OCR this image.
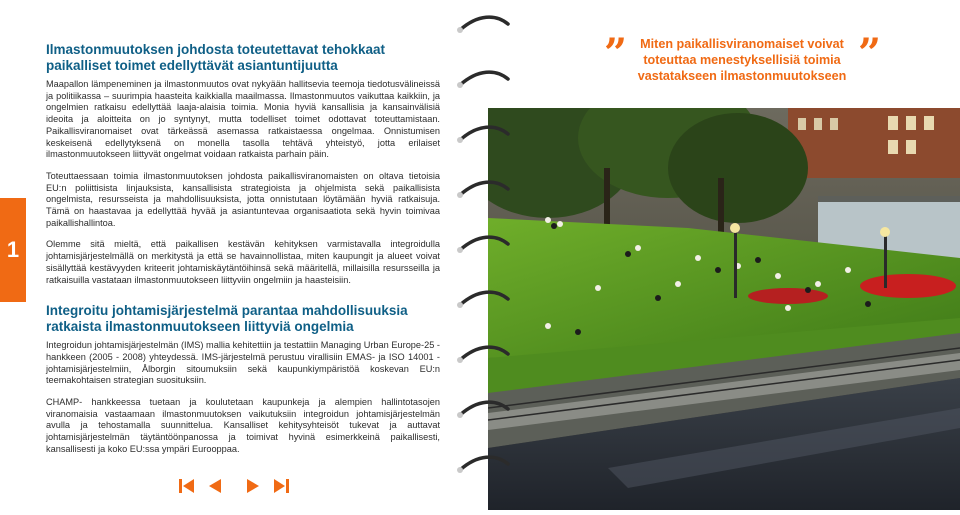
1
Ilmastonmuutoksen johdosta toteutettavat tehokkaat paikalliset toimet edellyttävät asiantuntijuutta

Maapallon lämpeneminen ja ilmastonmuutos ovat nykyään hallitsevia teemoja tiedotusvälineissä ja politiikassa – suurimpia haasteita kaikkialla maailmassa. Ilmastonmuutos vaikuttaa kaikkiin, ja ongelmien ratkaisu edellyttää laaja-alaisia toimia. Monia hyviä kansallisia ja kansainvälisiä ideoita ja aloitteita on jo syntynyt, mutta todelliset toimet odottavat toteuttamistaan. Paikallisviranomaiset ovat tärkeässä asemassa ratkaistaessa ongelmaa. Onnistumisen keskeisenä edellytyksenä on monella tasolla tehtävä yhteistyö, jotta erilaiset ilmastonmuutokseen liittyvät ongelmat voidaan ratkaista parhain päin.

Toteuttaessaan toimia ilmastonmuutoksen johdosta paikallisviranomaisten on oltava tietoisia EU:n poliittisista linjauksista, kansallisista strategioista ja ohjelmista sekä paikallisista ongelmista, resursseista ja mahdollisuuksista, jotta onnistutaan löytämään hyviä ratkaisuja. Tämä on haastavaa ja edellyttää hyvää ja asiantuntevaa organisaatiota sekä hyvin toimivaa paikallishallintoa.

Olemme sitä mieltä, että paikallisen kestävän kehityksen varmistavalla integroidulla johtamisjärjestelmällä on merkitystä ja että se havainnollistaa, miten kaupungit ja alueet voivat sisällyttää kestävyyden kriteerit johtamiskäytäntöihinsä sekä määritellä, millaisilla resursseilla ja ratkaisuilla vastataan ilmastonmuutokseen liittyviin ongelmiin ja haasteisiin.

Integroitu johtamisjärjestelmä parantaa mahdollisuuksia ratkaista ilmastonmuutokseen liittyviä ongelmia

Integroidun johtamisjärjestelmän (IMS) mallia kehitettiin ja testattiin Managing Urban Europe-25 -hankkeen (2005 - 2008) yhteydessä. IMS-järjestelmä perustuu virallisiin EMAS- ja ISO 14001 -johtamisjärjestelmiin, Ålborgin sitoumuksiin sekä kaupunkiympäristöä koskevan EU:n teemakohtaisen strategian suosituksiin.

CHAMP- hankkeessa tuetaan ja koulutetaan kaupunkeja ja alempien hallintotasojen viranomaisia vastaamaan ilmastonmuutoksen vaikutuksiin integroidun johtamisjärjestelmän avulla ja tehostamalla suunnittelua. Kansalliset kehitysyhteisöt tukevat ja auttavat johtamisjärjestelmän täytäntöönpanossa ja toimivat hyvinä esimerkkeinä paikallisesti, kansallisesti ja koko EU:ssa ympäri Eurooppaa.

”	Miten paikallisviranomaiset voivat toteuttaa menestyksellisiä toimia vastatakseen ilmastonmuutokseen ”
